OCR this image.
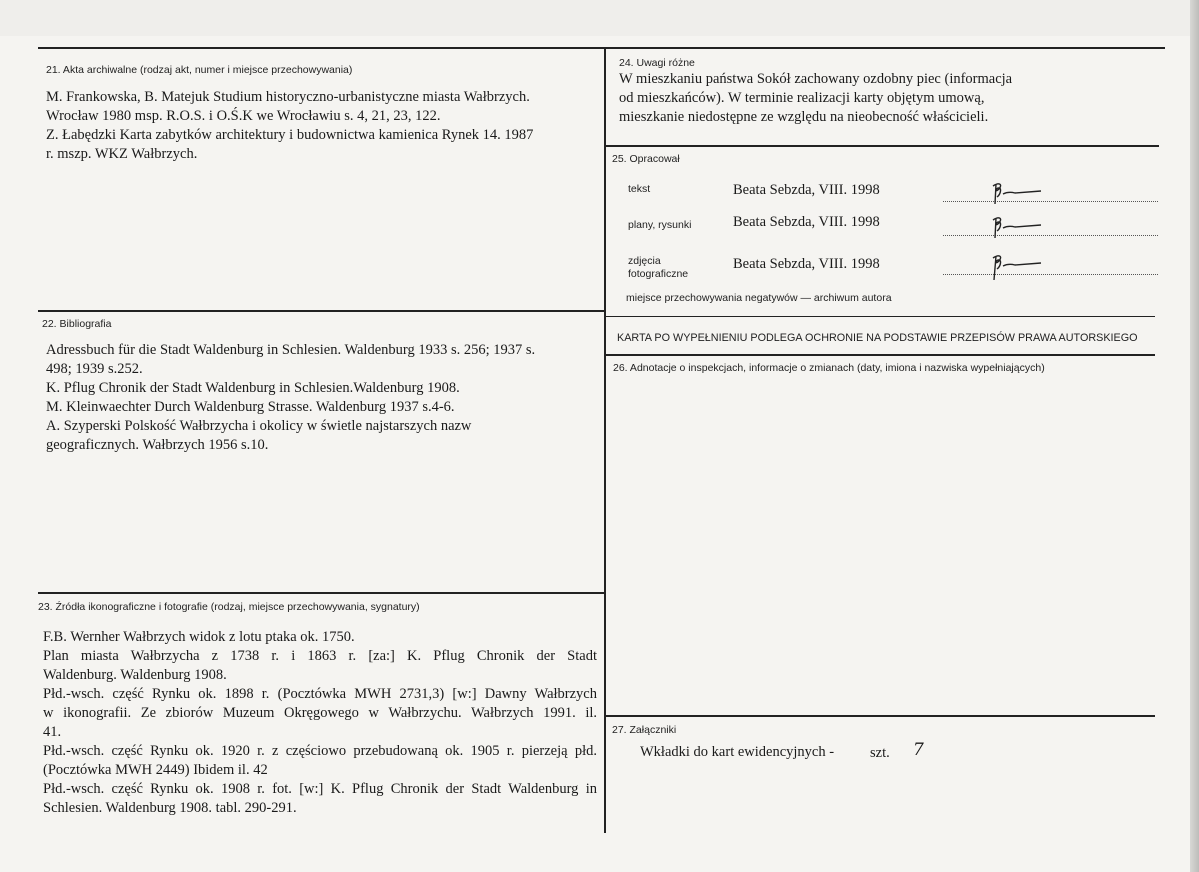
21. Akta archiwalne (rodzaj akt, numer i miejsce przechowywania)
M. Frankowska, B. Matejuk Studium historyczno-urbanistyczne miasta Wałbrzych.
Wrocław 1980 msp. R.O.S. i O.Ś.K we Wrocławiu s. 4, 21, 23, 122.
Z. Łabędzki Karta zabytków architektury i budownictwa kamienica Rynek 14. 1987
r. mszp. WKZ Wałbrzych.
22. Bibliografia
Adressbuch für die Stadt Waldenburg in Schlesien. Waldenburg 1933 s. 256; 1937 s.
498; 1939 s.252.
K. Pflug Chronik der Stadt Waldenburg in Schlesien.Waldenburg 1908.
M. Kleinwaechter Durch Waldenburg Strasse. Waldenburg 1937 s.4-6.
A. Szyperski Polskość Wałbrzycha i okolicy w świetle najstarszych nazw
geograficznych. Wałbrzych 1956 s.10.
23. Źródła ikonograficzne i fotografie (rodzaj, miejsce przechowywania, sygnatury)
F.B. Wernher Wałbrzych widok z lotu ptaka ok. 1750.
Plan miasta Wałbrzycha z 1738 r. i 1863 r. [za:] K. Pflug Chronik der Stadt
Waldenburg. Waldenburg 1908.
Płd.-wsch. część Rynku ok. 1898 r. (Pocztówka MWH 2731,3) [w:] Dawny Wałbrzych
w ikonografii. Ze zbiorów Muzeum Okręgowego w Wałbrzychu. Wałbrzych 1991. il.
41.
Płd.-wsch. część Rynku ok. 1920 r. z częściowo przebudowaną ok. 1905 r. pierzeją płd.
(Pocztówka MWH 2449) Ibidem il. 42
Płd.-wsch. część Rynku ok. 1908 r. fot. [w:] K. Pflug Chronik der Stadt Waldenburg in
Schlesien. Waldenburg 1908. tabl. 290-291.
24. Uwagi różne
W mieszkaniu państwa Sokół zachowany ozdobny piec (informacja
od mieszkańców). W terminie realizacji karty objętym umową,
mieszkanie niedostępne ze względu na nieobecność właścicieli.
25. Opracował
tekst	Beata Sebzda, VIII. 1998
plany, rysunki	Beata Sebzda, VIII. 1998
zdjęcia
fotograficzne
Beata Sebzda, VIII. 1998
miejsce przechowywania negatywów — archiwum autora
KARTA PO WYPEŁNIENIU PODLEGA OCHRONIE NA PODSTAWIE PRZEPISÓW PRAWA AUTORSKIEGO
26. Adnotacje o inspekcjach, informacje o zmianach (daty, imiona i nazwiska wypełniających)
27. Załączniki
Wkładki do kart ewidencyjnych - szt. 7
